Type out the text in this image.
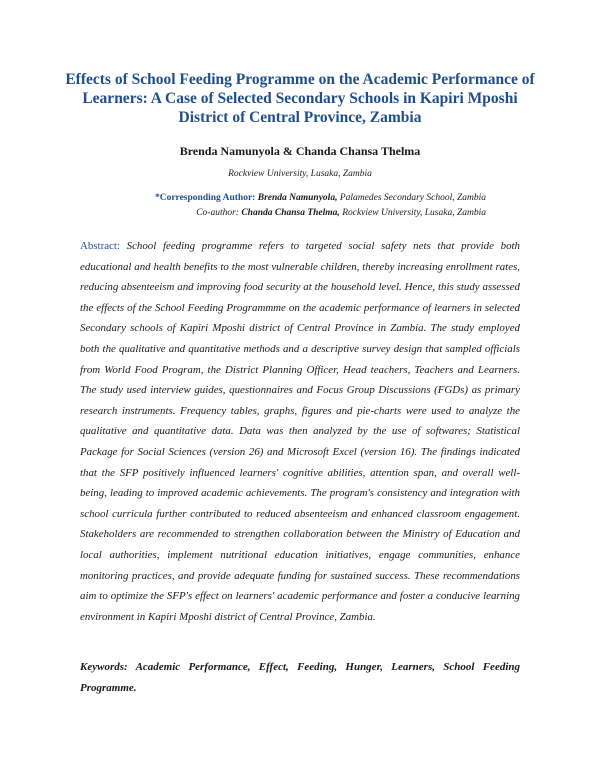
Effects of School Feeding Programme on the Academic Performance of Learners: A Case of Selected Secondary Schools in Kapiri Mposhi District of Central Province, Zambia

Brenda Namunyola & Chanda Chansa Thelma

Rockview University, Lusaka, Zambia

*Corresponding Author: Brenda Namunyola, Palamedes Secondary School, Zambia

Co-author: Chanda Chansa Thelma, Rockview University, Lusaka, Zambia

Abstract: School feeding programme refers to targeted social safety nets that provide both educational and health benefits to the most vulnerable children, thereby increasing enrollment rates, reducing absenteeism and improving food security at the household level. Hence, this study assessed the effects of the School Feeding Programmme on the academic performance of learners in selected Secondary schools of Kapiri Mposhi district of Central Province in Zambia. The study employed both the qualitative and quantitative methods and a descriptive survey design that sampled officials from World Food Program, the District Planning Officer, Head teachers, Teachers and Learners. The study used interview guides, questionnaires and Focus Group Discussions (FGDs) as primary research instruments. Frequency tables, graphs, figures and pie-charts were used to analyze the qualitative and quantitative data. Data was then analyzed by the use of softwares; Statistical Package for Social Sciences (version 26) and Microsoft Excel (version 16). The findings indicated that the SFP positively influenced learners' cognitive abilities, attention span, and overall well-being, leading to improved academic achievements. The program's consistency and integration with school curricula further contributed to reduced absenteeism and enhanced classroom engagement. Stakeholders are recommended to strengthen collaboration between the Ministry of Education and local authorities, implement nutritional education initiatives, engage communities, enhance monitoring practices, and provide adequate funding for sustained success. These recommendations aim to optimize the SFP's effect on learners' academic performance and foster a conducive learning environment in Kapiri Mposhi district of Central Province, Zambia.

Keywords: Academic Performance, Effect, Feeding, Hunger, Learners, School Feeding Programme.
